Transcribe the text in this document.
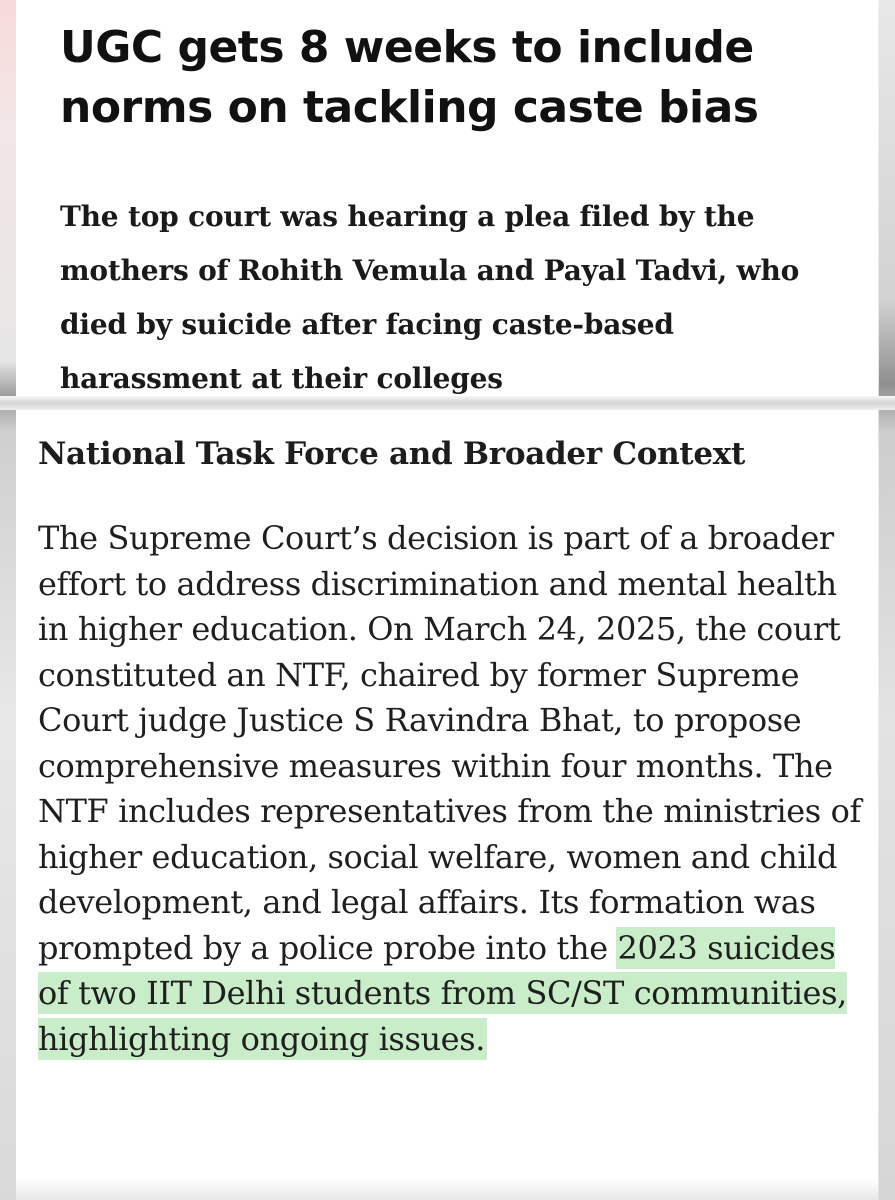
UGC gets 8 weeks to include norms on tackling caste bias

The top court was hearing a plea filed by the mothers of Rohith Vemula and Payal Tadvi, who died by suicide after facing caste-based harassment at their colleges

National Task Force and Broader Context

The Supreme Court’s decision is part of a broader effort to address discrimination and mental health in higher education. On March 24, 2025, the court constituted an NTF, chaired by former Supreme Court judge Justice S Ravindra Bhat, to propose comprehensive measures within four months. The NTF includes representatives from the ministries of higher education, social welfare, women and child development, and legal affairs. Its formation was prompted by a police probe into the 2023 suicides of two IIT Delhi students from SC/ST communities, highlighting ongoing issues.
